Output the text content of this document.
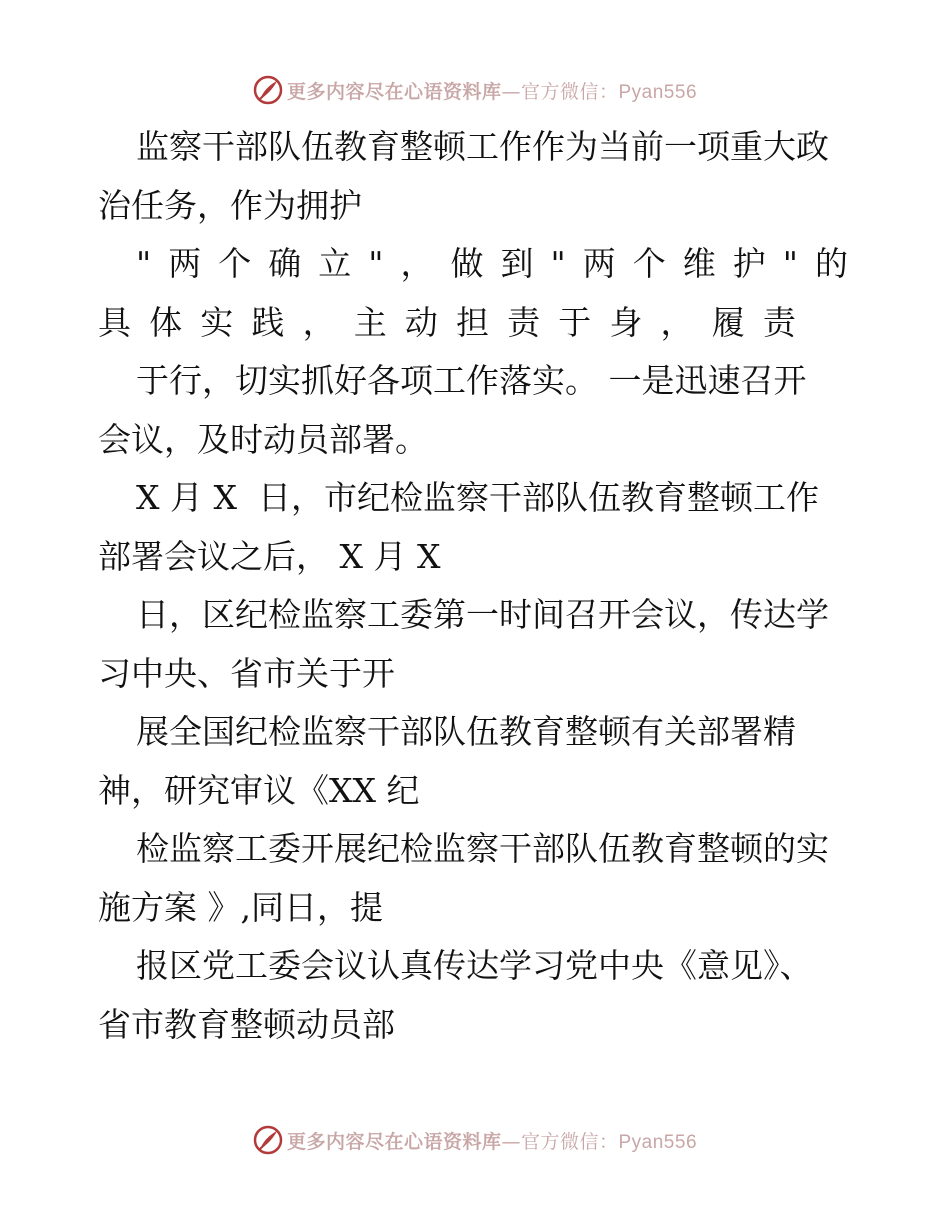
更多内容尽在心语资料库—官方微信：Pyan556
监察干部队伍教育整顿工作作为当前一项重大政
治任务，作为拥护
" 两 个 确 立 " ， 做 到 " 两 个 维 护 " 的
具 体 实 践 ， 主 动 担 责 于 身 ， 履 责
于行，切实抓好各项工作落实。 一是迅速召开
会议，及时动员部署。
X 月 X  日，市纪检监察干部队伍教育整顿工作
部署会议之后， X 月 X
日，区纪检监察工委第一时间召开会议，传达学
习中央、省市关于开
展全国纪检监察干部队伍教育整顿有关部署精
神，研究审议《XX 纪
检监察工委开展纪检监察干部队伍教育整顿的实
施方案 》,同日，提
报区党工委会议认真传达学习党中央《意见》、
省市教育整顿动员部
更多内容尽在心语资料库—官方微信：Pyan556
